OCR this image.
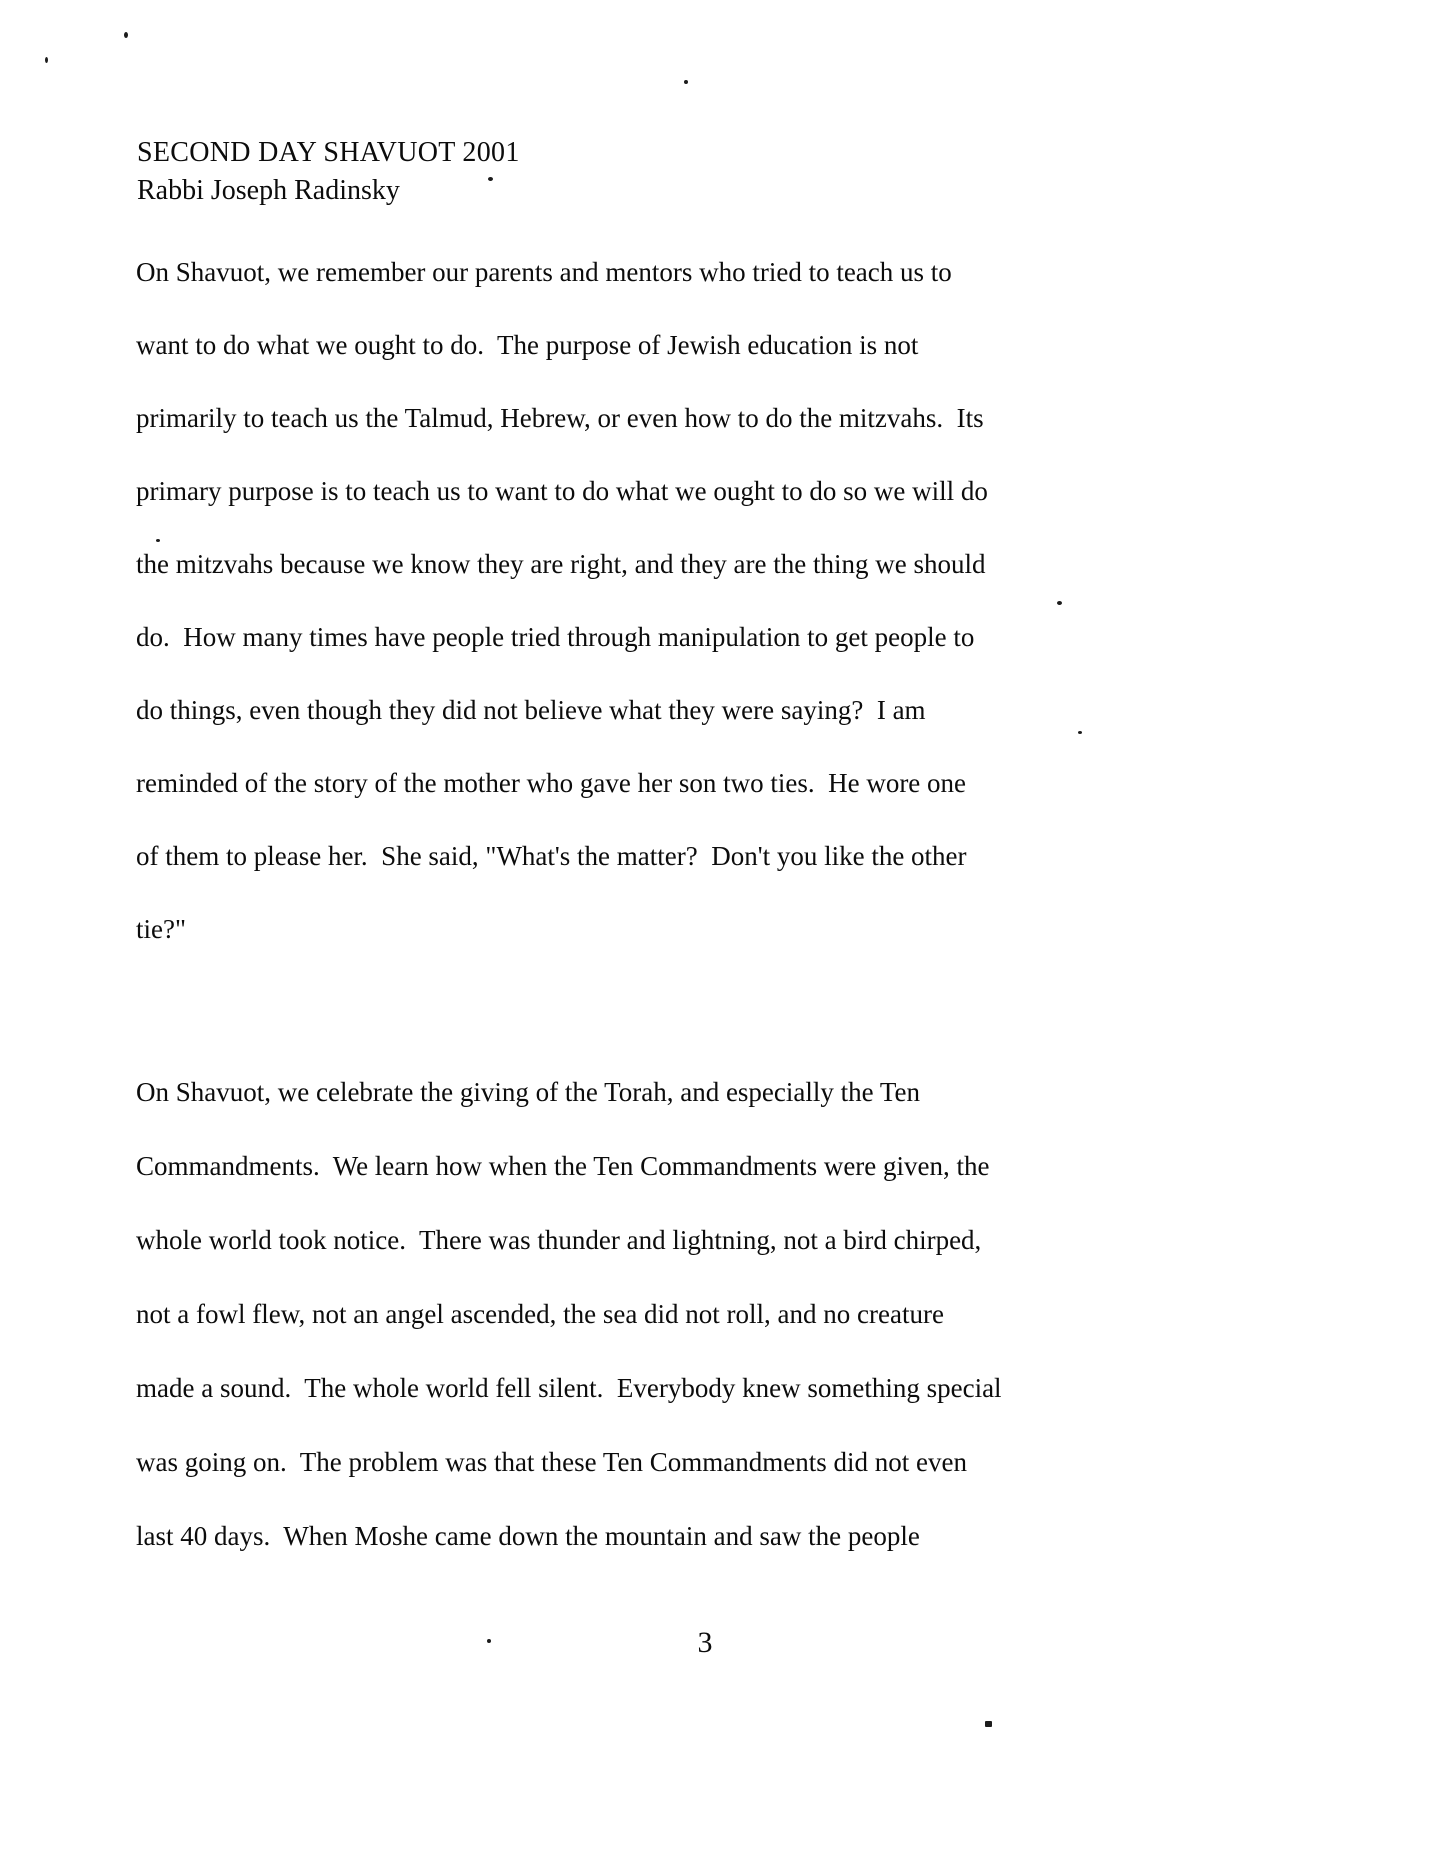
SECOND DAY SHAVUOT 2001
Rabbi Joseph Radinsky
On Shavuot, we remember our parents and mentors who tried to teach us to
want to do what we ought to do.  The purpose of Jewish education is not
primarily to teach us the Talmud, Hebrew, or even how to do the mitzvahs.  Its
primary purpose is to teach us to want to do what we ought to do so we will do
the mitzvahs because we know they are right, and they are the thing we should
do.  How many times have people tried through manipulation to get people to
do things, even though they did not believe what they were saying?  I am
reminded of the story of the mother who gave her son two ties.  He wore one
of them to please her.  She said, "What's the matter?  Don't you like the other
tie?"
On Shavuot, we celebrate the giving of the Torah, and especially the Ten
Commandments.  We learn how when the Ten Commandments were given, the
whole world took notice.  There was thunder and lightning, not a bird chirped,
not a fowl flew, not an angel ascended, the sea did not roll, and no creature
made a sound.  The whole world fell silent.  Everybody knew something special
was going on.  The problem was that these Ten Commandments did not even
last 40 days.  When Moshe came down the mountain and saw the people
3
